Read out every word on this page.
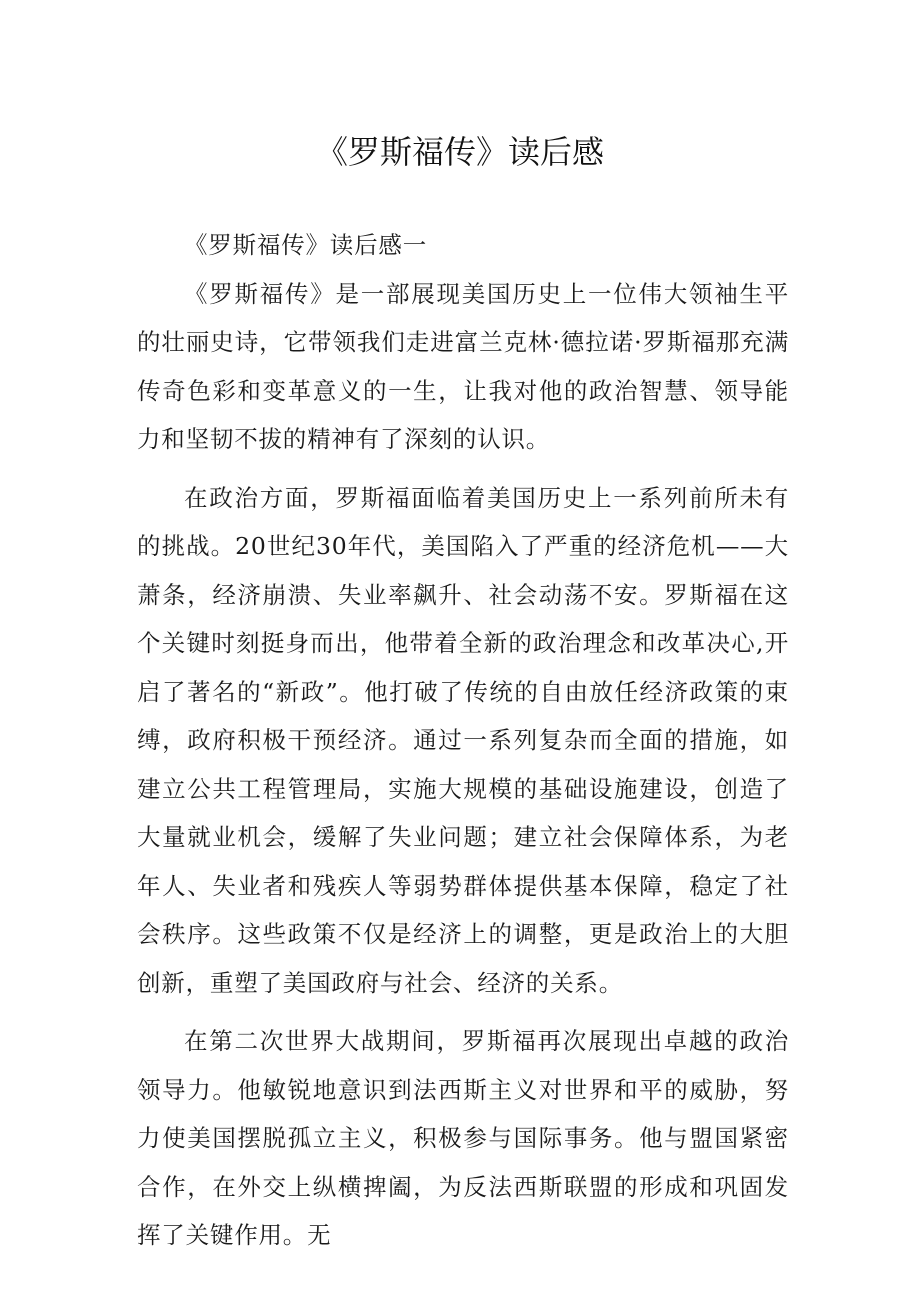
《罗斯福传》读后感

《罗斯福传》读后感一

《罗斯福传》是一部展现美国历史上一位伟大领袖生平的壮丽史诗，它带领我们走进富兰克林·德拉诺·罗斯福那充满传奇色彩和变革意义的一生，让我对他的政治智慧、领导能力和坚韧不拔的精神有了深刻的认识。

在政治方面，罗斯福面临着美国历史上一系列前所未有的挑战。20世纪30年代，美国陷入了严重的经济危机——大萧条，经济崩溃、失业率飙升、社会动荡不安。罗斯福在这个关键时刻挺身而出，他带着全新的政治理念和改革决心,开启了著名的“新政”。他打破了传统的自由放任经济政策的束缚，政府积极干预经济。通过一系列复杂而全面的措施，如建立公共工程管理局，实施大规模的基础设施建设，创造了大量就业机会，缓解了失业问题；建立社会保障体系，为老年人、失业者和残疾人等弱势群体提供基本保障，稳定了社会秩序。这些政策不仅是经济上的调整，更是政治上的大胆创新，重塑了美国政府与社会、经济的关系。

在第二次世界大战期间，罗斯福再次展现出卓越的政治领导力。他敏锐地意识到法西斯主义对世界和平的威胁，努力使美国摆脱孤立主义，积极参与国际事务。他与盟国紧密合作，在外交上纵横捭阖，为反法西斯联盟的形成和巩固发挥了关键作用。无
